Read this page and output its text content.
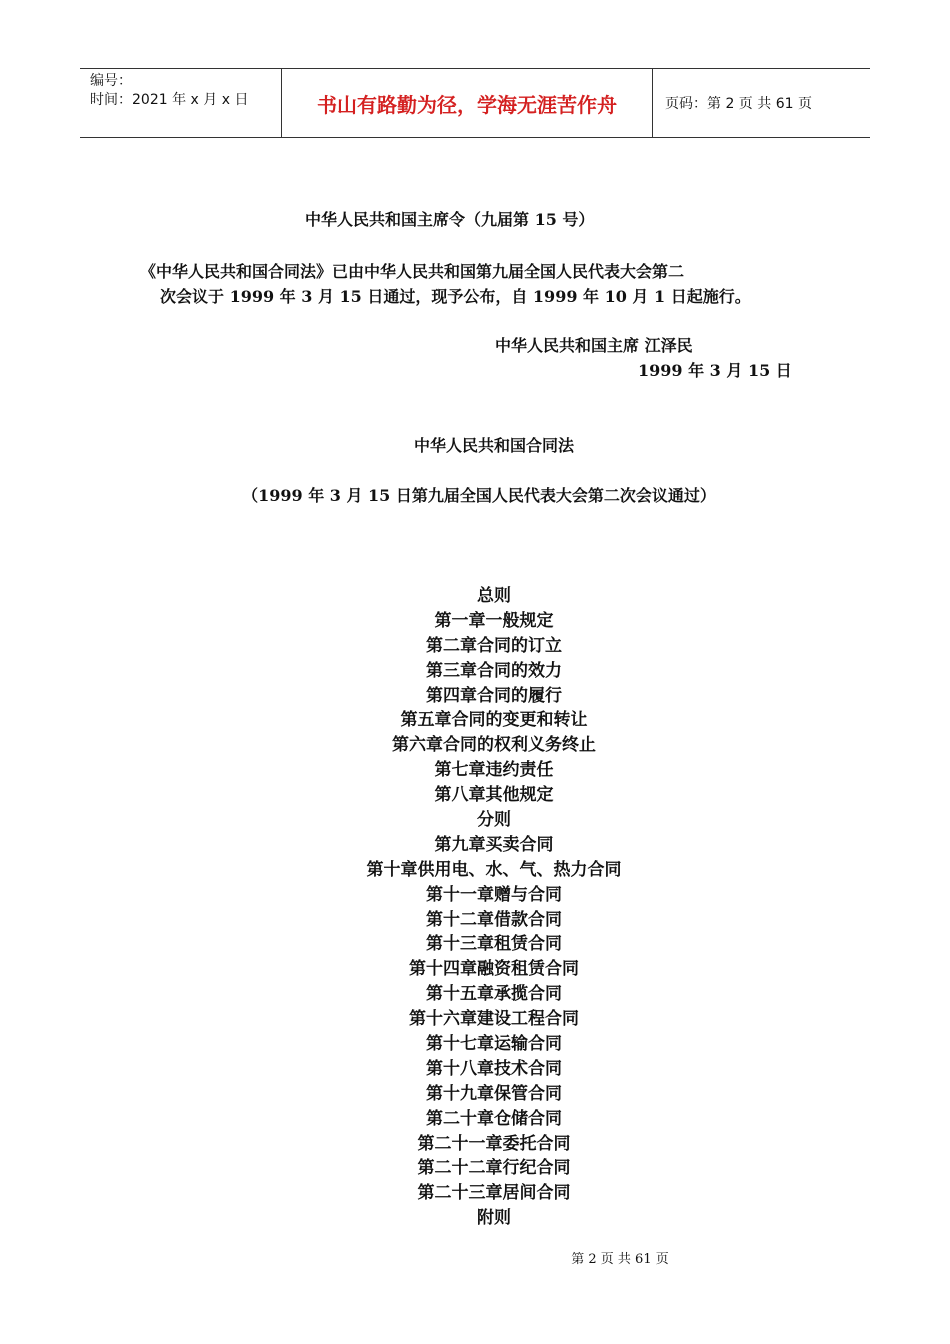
编号：
时间：2021 年 x 月 x 日	书山有路勤为径，学海无涯苦作舟	页码：第 2 页 共 61 页
中华人民共和国主席令（九届第 15 号）
《中华人民共和国合同法》已由中华人民共和国第九届全国人民代表大会第二
次会议于 1999 年 3 月 15 日通过，现予公布，自 1999 年 10 月 1 日起施行。
中华人民共和国主席 江泽民
1999 年 3 月 15 日
中华人民共和国合同法
（1999 年 3 月 15 日第九届全国人民代表大会第二次会议通过）
总则
第一章一般规定
第二章合同的订立
第三章合同的效力
第四章合同的履行
第五章合同的变更和转让
第六章合同的权利义务终止
第七章违约责任
第八章其他规定
分则
第九章买卖合同
第十章供用电、水、气、热力合同
第十一章赠与合同
第十二章借款合同
第十三章租赁合同
第十四章融资租赁合同
第十五章承揽合同
第十六章建设工程合同
第十七章运输合同
第十八章技术合同
第十九章保管合同
第二十章仓储合同
第二十一章委托合同
第二十二章行纪合同
第二十三章居间合同
附则
第 2 页 共 61 页
